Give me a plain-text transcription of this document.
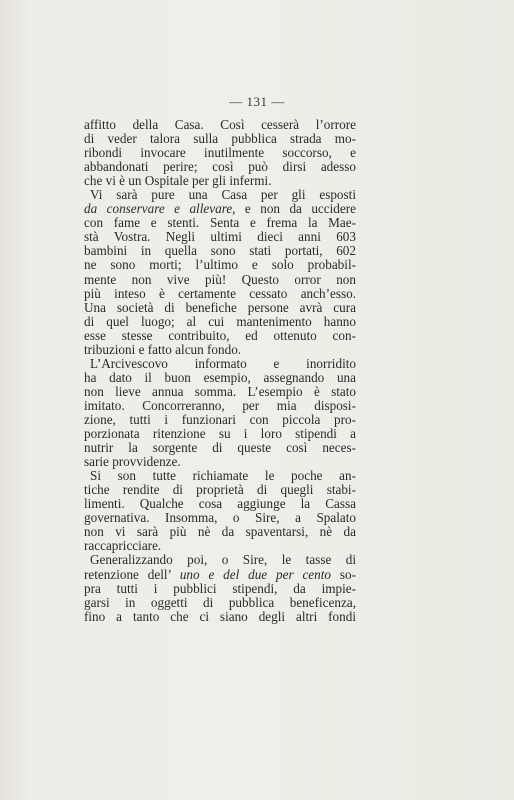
— 131 —
affitto della Casa. Così cesserà l’orrore
di veder talora sulla pubblica strada mo-
ribondi invocare inutilmente soccorso, e
abbandonati perire; così può dirsi adesso
che vi è un Ospitale per gli infermi.
Vi sarà pure una Casa per gli esposti
da conservare e allevare, e non da uccidere
con fame e stenti. Senta e frema la Mae-
stà Vostra. Negli ultimi dieci anni 603
bambini in quella sono stati portati, 602
ne sono morti; l’ultimo e solo probabil-
mente non vive più! Questo orror non
più inteso è certamente cessato anch’esso.
Una società di benefiche persone avrà cura
di quel luogo; al cui mantenimento hanno
esse stesse contribuito, ed ottenuto con-
tribuzioni e fatto alcun fondo.
L’Arcivescovo informato e inorridito
ha dato il buon esempio, assegnando una
non lieve annua somma. L’esempio è stato
imitato. Concorreranno, per mia disposi-
zione, tutti i funzionari con piccola pro-
porzionata ritenzione su i loro stipendi a
nutrir la sorgente di queste così neces-
sarie provvidenze.
Si son tutte richiamate le poche an-
tiche rendite di proprietà di quegli stabi-
limenti. Qualche cosa aggiunge la Cassa
governativa. Insomma, o Sire, a Spalato
non vi sarà più nè da spaventarsi, nè da
raccapricciare.
Generalizzando poi, o Sire, le tasse di
retenzione dell’ uno e del due per cento so-
pra tutti i pubblici stipendi, da impie-
garsi in oggetti di pubblica beneficenza,
fino a tanto che ci siano degli altri fondi
